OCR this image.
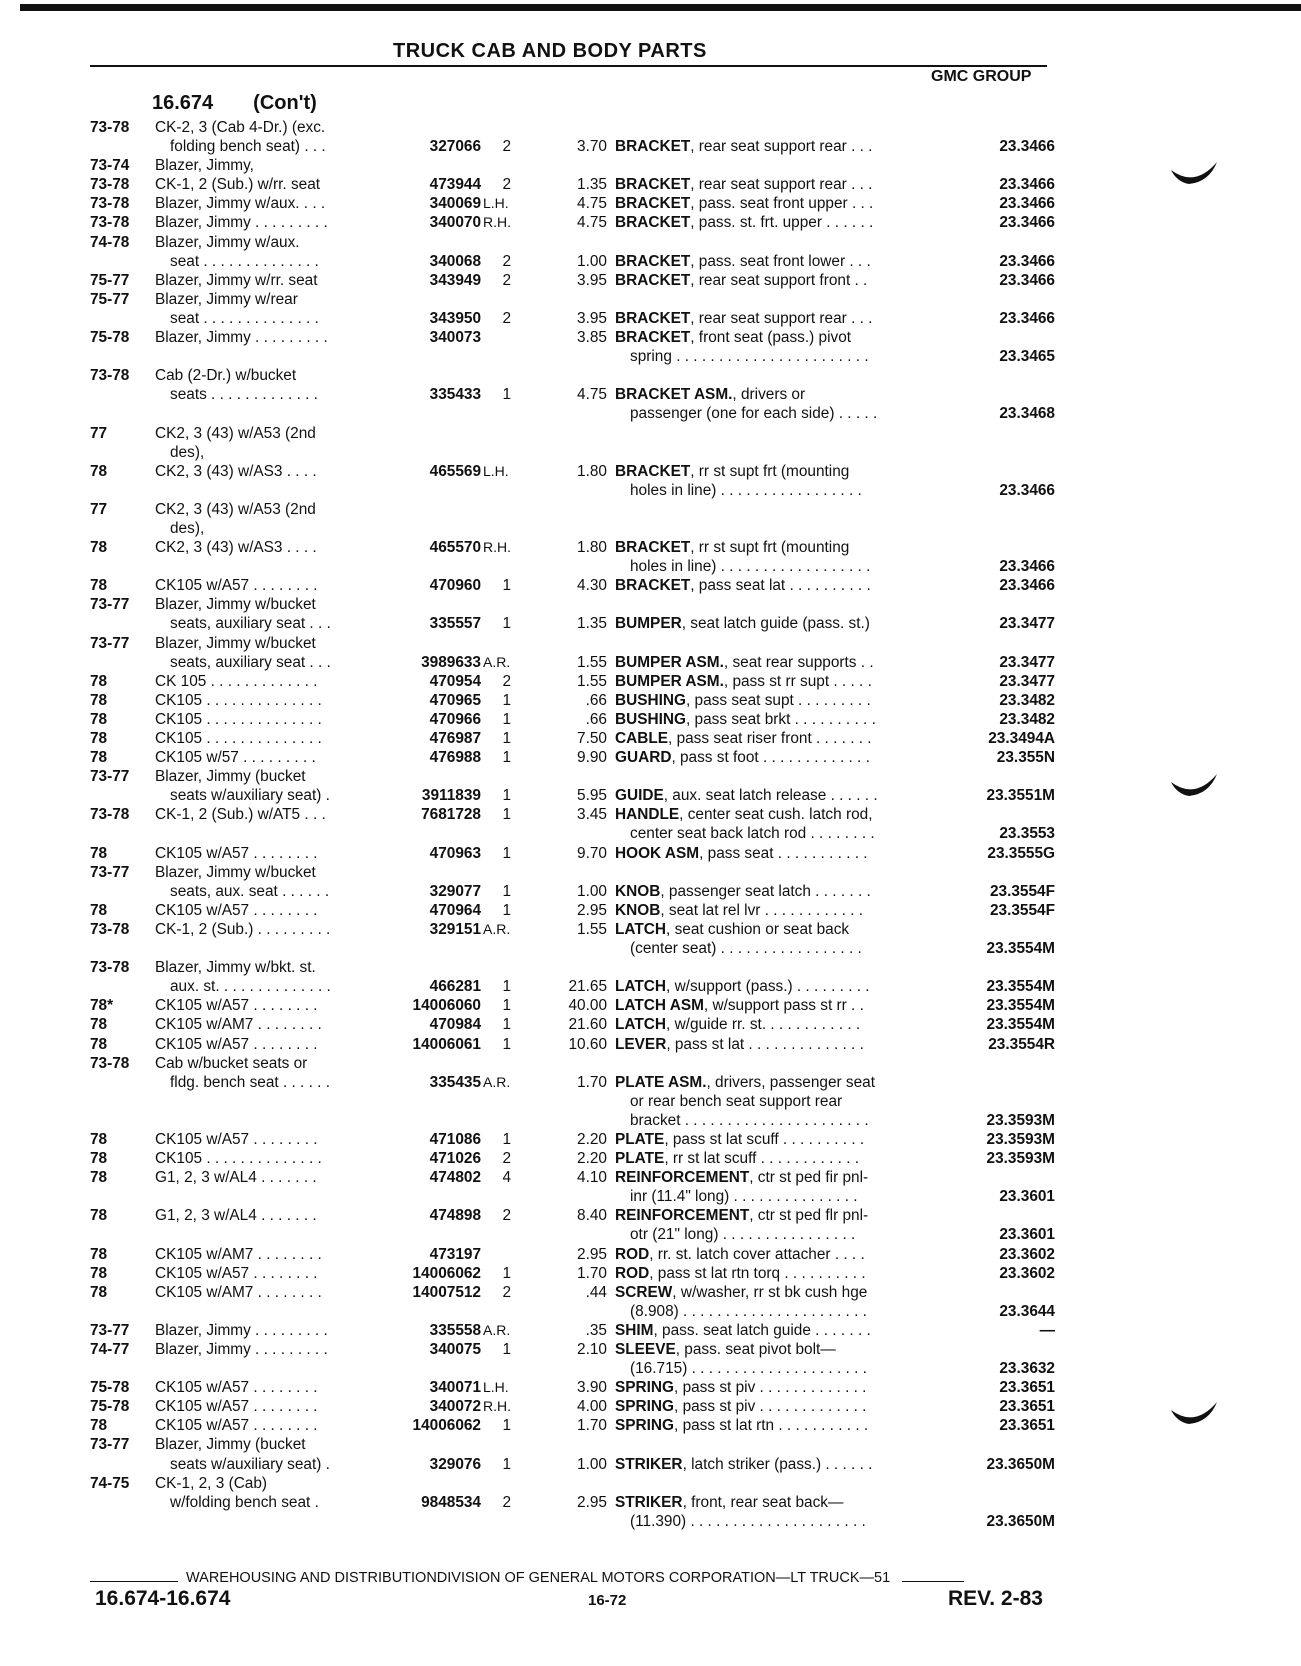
TRUCK CAB AND BODY PARTS
GMC GROUP
16.674 (Con't)
73-78	CK-2, 3 (Cab 4-Dr.) (exc.					
	folding bench seat) . . .	327066	2	3.70	BRACKET, rear seat support rear . . .	23.3466
73-74	Blazer, Jimmy,					
73-78	CK-1, 2 (Sub.) w/rr. seat	473944	2	1.35	BRACKET, rear seat support rear . . .	23.3466
73-78	Blazer, Jimmy w/aux. . . .	340069	L.H.	4.75	BRACKET, pass. seat front upper . . .	23.3466
73-78	Blazer, Jimmy . . . . . . . . .	340070	R.H.	4.75	BRACKET, pass. st. frt. upper . . . . . .	23.3466
74-78	Blazer, Jimmy w/aux.					
	seat . . . . . . . . . . . . . .	340068	2	1.00	BRACKET, pass. seat front lower . . .	23.3466
75-77	Blazer, Jimmy w/rr. seat	343949	2	3.95	BRACKET, rear seat support front . .	23.3466
75-77	Blazer, Jimmy w/rear					
	seat . . . . . . . . . . . . . .	343950	2	3.95	BRACKET, rear seat support rear . . .	23.3466
75-78	Blazer, Jimmy . . . . . . . . .	340073		3.85	BRACKET, front seat (pass.) pivot	
					spring . . . . . . . . . . . . . . . . . . . . . . .	23.3465
73-78	Cab (2-Dr.) w/bucket					
	seats . . . . . . . . . . . . .	335433	1	4.75	BRACKET ASM., drivers or	
					passenger (one for each side) . . . . .	23.3468
77	CK2, 3 (43) w/A53 (2nd					
	des),					
78	CK2, 3 (43) w/AS3 . . . .	465569	L.H.	1.80	BRACKET, rr st supt frt (mounting	
					holes in line) . . . . . . . . . . . . . . . . .	23.3466
77	CK2, 3 (43) w/A53 (2nd					
	des),					
78	CK2, 3 (43) w/AS3 . . . .	465570	R.H.	1.80	BRACKET, rr st supt frt (mounting	
					holes in line) . . . . . . . . . . . . . . . . . .	23.3466
78	CK105 w/A57 . . . . . . . .	470960	1	4.30	BRACKET, pass seat lat . . . . . . . . . .	23.3466
73-77	Blazer, Jimmy w/bucket					
	seats, auxiliary seat . . .	335557	1	1.35	BUMPER, seat latch guide (pass. st.)	23.3477
73-77	Blazer, Jimmy w/bucket					
	seats, auxiliary seat . . .	3989633	A.R.	1.55	BUMPER ASM., seat rear supports . .	23.3477
78	CK 105 . . . . . . . . . . . . .	470954	2	1.55	BUMPER ASM., pass st rr supt . . . . .	23.3477
78	CK105 . . . . . . . . . . . . . .	470965	1	.66	BUSHING, pass seat supt . . . . . . . . .	23.3482
78	CK105 . . . . . . . . . . . . . .	470966	1	.66	BUSHING, pass seat brkt . . . . . . . . . .	23.3482
78	CK105 . . . . . . . . . . . . . .	476987	1	7.50	CABLE, pass seat riser front . . . . . . .	23.3494A
78	CK105 w/57 . . . . . . . . .	476988	1	9.90	GUARD, pass st foot . . . . . . . . . . . . .	23.355N
73-77	Blazer, Jimmy (bucket					
	seats w/auxiliary seat) .	3911839	1	5.95	GUIDE, aux. seat latch release . . . . . .	23.3551M
73-78	CK-1, 2 (Sub.) w/AT5 . . .	7681728	1	3.45	HANDLE, center seat cush. latch rod,	
					center seat back latch rod . . . . . . . .	23.3553
78	CK105 w/A57 . . . . . . . .	470963	1	9.70	HOOK ASM, pass seat . . . . . . . . . . .	23.3555G
73-77	Blazer, Jimmy w/bucket					
	seats, aux. seat . . . . . .	329077	1	1.00	KNOB, passenger seat latch . . . . . . .	23.3554F
78	CK105 w/A57 . . . . . . . .	470964	1	2.95	KNOB, seat lat rel lvr . . . . . . . . . . . .	23.3554F
73-78	CK-1, 2 (Sub.) . . . . . . . . .	329151	A.R.	1.55	LATCH, seat cushion or seat back	
					(center seat) . . . . . . . . . . . . . . . . .	23.3554M
73-78	Blazer, Jimmy w/bkt. st.					
	aux. st. . . . . . . . . . . . . .	466281	1	21.65	LATCH, w/support (pass.) . . . . . . . . .	23.3554M
78*	CK105 w/A57 . . . . . . . .	14006060	1	40.00	LATCH ASM, w/support pass st rr . .	23.3554M
78	CK105 w/AM7 . . . . . . . .	470984	1	21.60	LATCH, w/guide rr. st. . . . . . . . . . . .	23.3554M
78	CK105 w/A57 . . . . . . . .	14006061	1	10.60	LEVER, pass st lat . . . . . . . . . . . . . .	23.3554R
73-78	Cab w/bucket seats or					
	fldg. bench seat . . . . . .	335435	A.R.	1.70	PLATE ASM., drivers, passenger seat	
					or rear bench seat support rear	
					bracket . . . . . . . . . . . . . . . . . . . . . .	23.3593M
78	CK105 w/A57 . . . . . . . .	471086	1	2.20	PLATE, pass st lat scuff . . . . . . . . . .	23.3593M
78	CK105 . . . . . . . . . . . . . .	471026	2	2.20	PLATE, rr st lat scuff . . . . . . . . . . . .	23.3593M
78	G1, 2, 3 w/AL4 . . . . . . .	474802	4	4.10	REINFORCEMENT, ctr st ped fir pnl-	
					inr (11.4" long) . . . . . . . . . . . . . . .	23.3601
78	G1, 2, 3 w/AL4 . . . . . . .	474898	2	8.40	REINFORCEMENT, ctr st ped flr pnl-	
					otr (21" long) . . . . . . . . . . . . . . . .	23.3601
78	CK105 w/AM7 . . . . . . . .	473197		2.95	ROD, rr. st. latch cover attacher . . . .	23.3602
78	CK105 w/A57 . . . . . . . .	14006062	1	1.70	ROD, pass st lat rtn torq . . . . . . . . . .	23.3602
78	CK105 w/AM7 . . . . . . . .	14007512	2	.44	SCREW, w/washer, rr st bk cush hge	
					(8.908) . . . . . . . . . . . . . . . . . . . . . .	23.3644
73-77	Blazer, Jimmy . . . . . . . . .	335558	A.R.	.35	SHIM, pass. seat latch guide . . . . . . .	—
74-77	Blazer, Jimmy . . . . . . . . .	340075	1	2.10	SLEEVE, pass. seat pivot bolt—	
					(16.715) . . . . . . . . . . . . . . . . . . . . .	23.3632
75-78	CK105 w/A57 . . . . . . . .	340071	L.H.	3.90	SPRING, pass st piv . . . . . . . . . . . . .	23.3651
75-78	CK105 w/A57 . . . . . . . .	340072	R.H.	4.00	SPRING, pass st piv . . . . . . . . . . . . .	23.3651
78	CK105 w/A57 . . . . . . . .	14006062	1	1.70	SPRING, pass st lat rtn . . . . . . . . . . .	23.3651
73-77	Blazer, Jimmy (bucket					
	seats w/auxiliary seat) .	329076	1	1.00	STRIKER, latch striker (pass.) . . . . . .	23.3650M
74-75	CK-1, 2, 3 (Cab)					
	w/folding bench seat .	9848534	2	2.95	STRIKER, front, rear seat back—	
					(11.390) . . . . . . . . . . . . . . . . . . . . .	23.3650M
WAREHOUSING AND DISTRIBUTIONDIVISION OF GENERAL MOTORS CORPORATION—LT TRUCK—51
16.674-16.674	16-72	REV. 2-83
